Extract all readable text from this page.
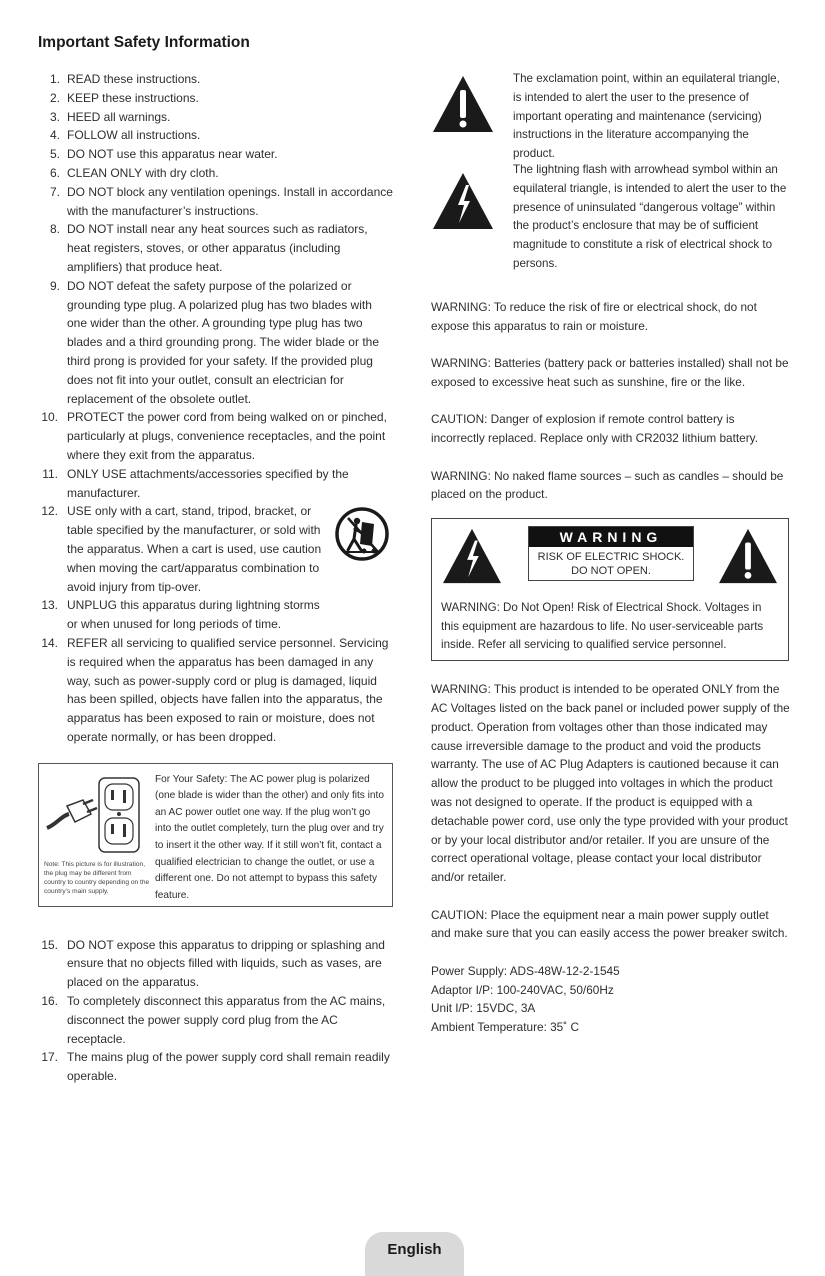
Important Safety Information
1. READ these instructions.
2. KEEP these instructions.
3. HEED all warnings.
4. FOLLOW all instructions.
5. DO NOT use this apparatus near water.
6. CLEAN ONLY with dry cloth.
7. DO NOT block any ventilation openings. Install in accordance with the manufacturer’s instructions.
8. DO NOT install near any heat sources such as radiators, heat registers, stoves, or other apparatus (including amplifiers) that produce heat.
9. DO NOT defeat the safety purpose of the polarized or grounding type plug. A polarized plug has two blades with one wider than the other. A grounding type plug has two blades and a third grounding prong. The wider blade or the third prong is provided for your safety. If the provided plug does not fit into your outlet, consult an electrician for replacement of the obsolete outlet.
10. PROTECT the power cord from being walked on or pinched, particularly at plugs, convenience receptacles, and the point where they exit from the apparatus.
11. ONLY USE attachments/accessories specified by the manufacturer.
12. USE only with a cart, stand, tripod, bracket, or table specified by the manufacturer, or sold with the apparatus. When a cart is used, use caution when moving the cart/apparatus combination to avoid injury from tip-over.
13. UNPLUG this apparatus during lightning storms or when unused for long periods of time.
14. REFER all servicing to qualified service personnel. Servicing is required when the apparatus has been damaged in any way, such as power-supply cord or plug is damaged, liquid has been spilled, objects have fallen into the apparatus, the apparatus has been exposed to rain or moisture, does not operate normally, or has been dropped.
Note: This picture is for illustration, the plug may be different from country to country depending on the country’s main supply.
For Your Safety: The AC power plug is polarized (one blade is wider than the other) and only fits into an AC power outlet one way. If the plug won’t go into the outlet completely, turn the plug over and try to insert it the other way. If it still won’t fit, contact a qualified electrician to change the outlet, or use a different one. Do not attempt to bypass this safety feature.
15. DO NOT expose this apparatus to dripping or splashing and ensure that no objects filled with liquids, such as vases, are placed on the apparatus.
16. To completely disconnect this apparatus from the AC mains, disconnect the power supply cord plug from the AC receptacle.
17. The mains plug of the power supply cord shall remain readily operable.
The exclamation point, within an equilateral triangle, is intended to alert the user to the presence of important operating and maintenance (servicing) instructions in the literature accompanying the product.
The lightning flash with arrowhead symbol within an equilateral triangle, is intended to alert the user to the presence of uninsulated “dangerous voltage” within the product’s enclosure that may be of sufficient magnitude to constitute a risk of electrical shock to persons.

WARNING: To reduce the risk of fire or electrical shock, do not expose this apparatus to rain or moisture.

WARNING: Batteries (battery pack or batteries installed) shall not be exposed to excessive heat such as sunshine, fire or the like.

CAUTION: Danger of explosion if remote control battery is incorrectly replaced. Replace only with CR2032 lithium battery.

WARNING: No naked flame sources – such as candles – should be placed on the product.

WARNING
RISK OF ELECTRIC SHOCK.
DO NOT OPEN.
WARNING: Do Not Open! Risk of Electrical Shock. Voltages in this equipment are hazardous to life. No user-serviceable parts inside. Refer all servicing to qualified service personnel.

WARNING: This product is intended to be operated ONLY from the AC Voltages listed on the back panel or included power supply of the product. Operation from voltages other than those indicated may cause irreversible damage to the product and void the products warranty. The use of AC Plug Adapters is cautioned because it can allow the product to be plugged into voltages in which the product was not designed to operate. If the product is equipped with a detachable power cord, use only the type provided with your product or by your local distributor and/or retailer. If you are unsure of the correct operational voltage, please contact your local distributor and/or retailer.

CAUTION: Place the equipment near a main power supply outlet and make sure that you can easily access the power breaker switch.

Power Supply: ADS-48W-12-2-1545
Adaptor I/P: 100-240VAC, 50/60Hz
Unit I/P: 15VDC, 3A
Ambient Temperature: 35˚ C
English
